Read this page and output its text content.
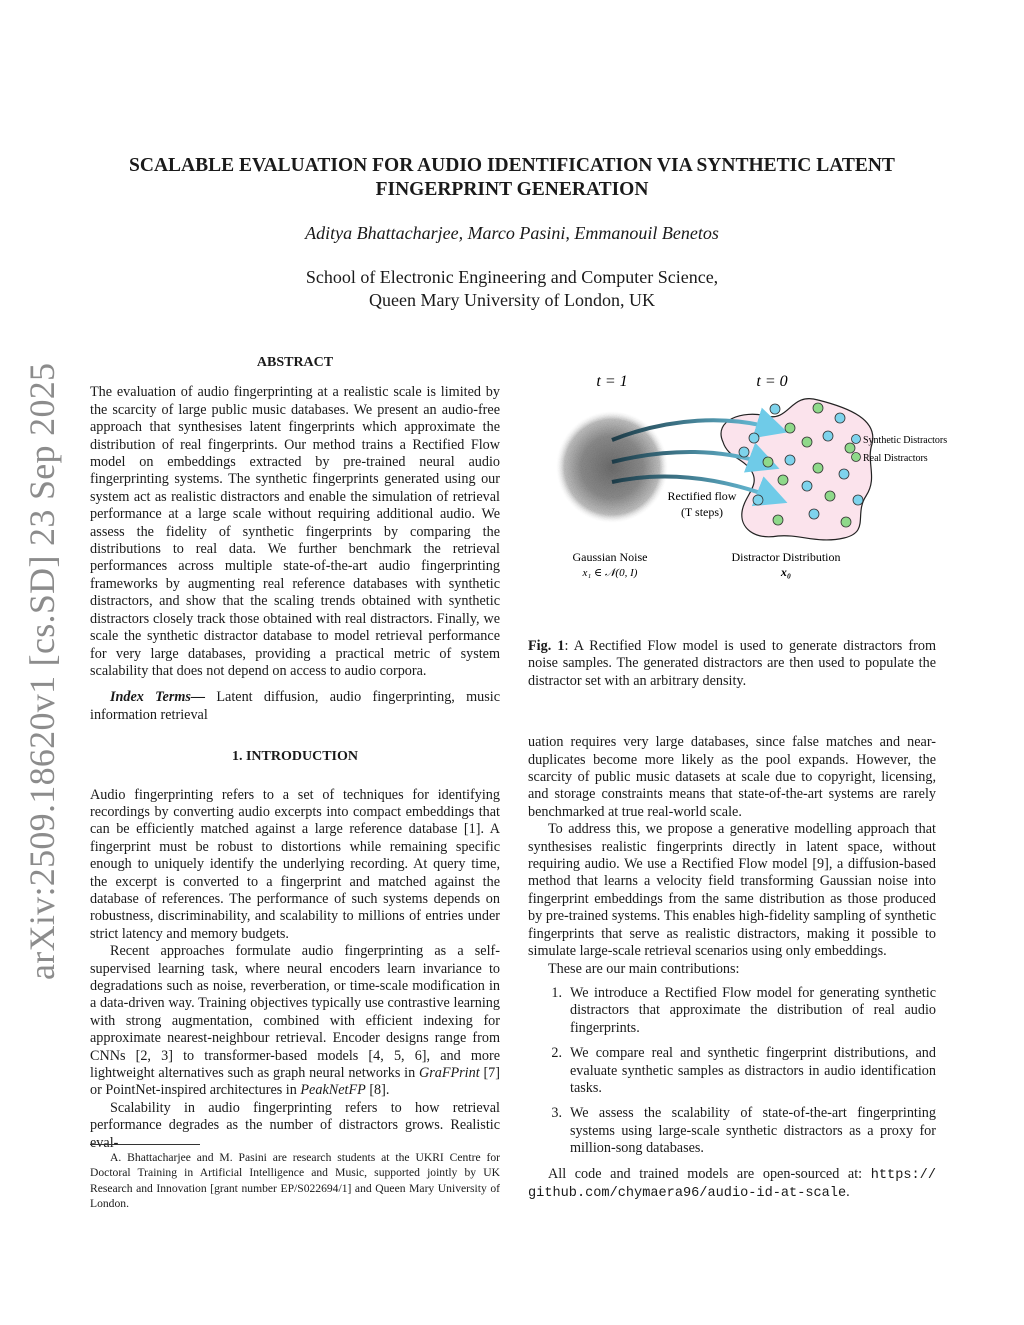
arXiv:2509.18620v1 [cs.SD] 23 Sep 2025
SCALABLE EVALUATION FOR AUDIO IDENTIFICATION VIA SYNTHETIC LATENT FINGERPRINT GENERATION
Aditya Bhattacharjee, Marco Pasini, Emmanouil Benetos
School of Electronic Engineering and Computer Science,
Queen Mary University of London, UK
ABSTRACT

The evaluation of audio fingerprinting at a realistic scale is limited by the scarcity of large public music databases. We present an audio-free approach that synthesises latent fingerprints which approximate the distribution of real fingerprints. Our method trains a Rectified Flow model on embeddings extracted by pre-trained neural audio fingerprinting systems. The synthetic fingerprints generated using our system act as realistic distractors and enable the simulation of retrieval performance at a large scale without requiring additional audio. We assess the fidelity of synthetic fingerprints by comparing the distributions to real data. We further benchmark the retrieval performances across multiple state-of-the-art audio fingerprinting frameworks by augmenting real reference databases with synthetic distractors, and show that the scaling trends obtained with synthetic distractors closely track those obtained with real distractors. Finally, we scale the synthetic distractor database to model retrieval performance for very large databases, providing a practical metric of system scalability that does not depend on access to audio corpora.

Index Terms— Latent diffusion, audio fingerprinting, music information retrieval

1. INTRODUCTION

Audio fingerprinting refers to a set of techniques for identifying recordings by converting audio excerpts into compact embeddings that can be efficiently matched against a large reference database [1]. A fingerprint must be robust to distortions while remaining specific enough to uniquely identify the underlying recording. At query time, the excerpt is converted to a fingerprint and matched against the database of references. The performance of such systems depends on robustness, discriminability, and scalability to millions of entries under strict latency and memory budgets.

Recent approaches formulate audio fingerprinting as a self-supervised learning task, where neural encoders learn invariance to degradations such as noise, reverberation, or time-scale modification in a data-driven way. Training objectives typically use contrastive learning with strong augmentation, combined with efficient indexing for approximate nearest-neighbour retrieval. Encoder designs range from CNNs [2, 3] to transformer-based models [4, 5, 6], and more lightweight alternatives such as graph neural networks in GraFPrint [7] or PointNet-inspired architectures in PeakNetFP [8].

Scalability in audio fingerprinting refers to how retrieval performance degrades as the number of distractors grows. Realistic eval-

A. Bhattacharjee and M. Pasini are research students at the UKRI Centre for Doctoral Training in Artificial Intelligence and Music, supported jointly by UK Research and Innovation [grant number EP/S022694/1] and Queen Mary University of London.
t = 1	t = 0
Synthetic Distractors
Real Distractors
Rectified flow
(T steps)
Gaussian Noise
x₁ ∈ 𝒩(0, I)
Distractor Distribution
x₀

Fig. 1: A Rectified Flow model is used to generate distractors from noise samples. The generated distractors are then used to populate the distractor set with an arbitrary density.

uation requires very large databases, since false matches and near-duplicates become more likely as the pool expands. However, the scarcity of public music datasets at scale due to copyright, licensing, and storage constraints means that state-of-the-art systems are rarely benchmarked at true real-world scale.

To address this, we propose a generative modelling approach that synthesises realistic fingerprints directly in latent space, without requiring audio. We use a Rectified Flow model [9], a diffusion-based method that learns a velocity field transforming Gaussian noise into fingerprint embeddings from the same distribution as those produced by pre-trained systems. This enables high-fidelity sampling of synthetic fingerprints that serve as realistic distractors, making it possible to simulate large-scale retrieval scenarios using only embeddings.

These are our main contributions:

1. We introduce a Rectified Flow model for generating synthetic distractors that approximate the distribution of real audio fingerprints.
2. We compare real and synthetic fingerprint distributions, and evaluate synthetic samples as distractors in audio identification tasks.
3. We assess the scalability of state-of-the-art fingerprinting systems using large-scale synthetic distractors as a proxy for million-song databases.

All code and trained models are open-sourced at: https:// github.com/chymaera96/audio-id-at-scale.
